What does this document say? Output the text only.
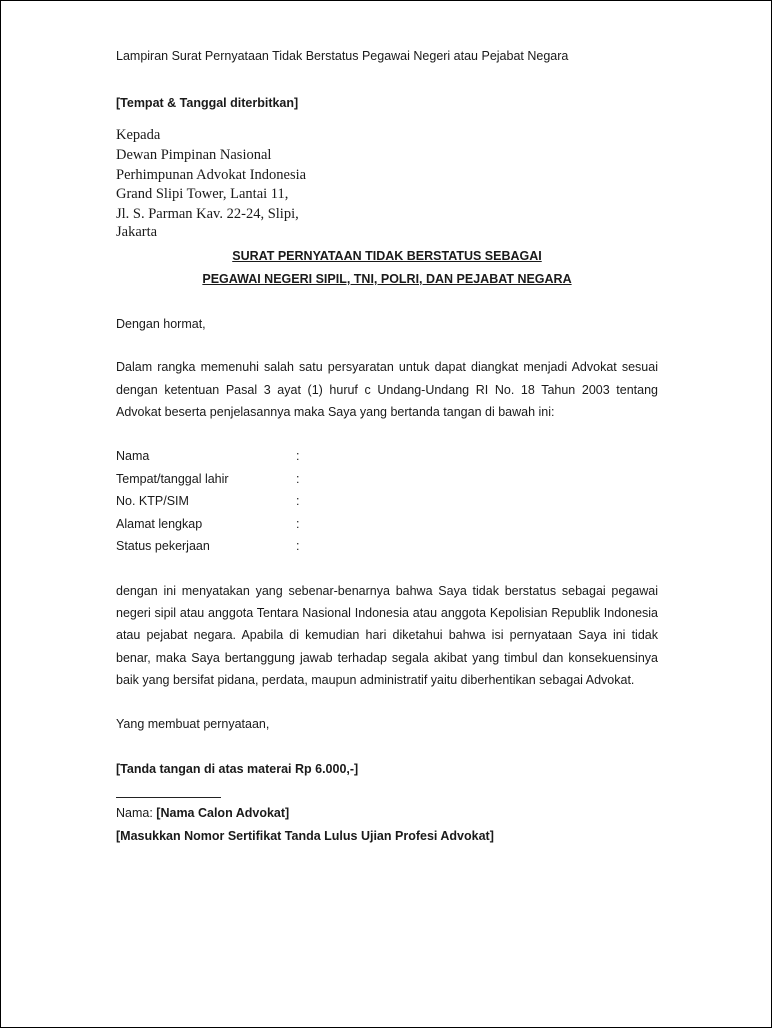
Lampiran Surat Pernyataan Tidak Berstatus Pegawai Negeri atau Pejabat Negara
[Tempat & Tanggal diterbitkan]
Kepada
Dewan Pimpinan Nasional
Perhimpunan Advokat Indonesia
Grand Slipi Tower, Lantai 11,
Jl. S. Parman Kav. 22-24, Slipi,
Jakarta
SURAT PERNYATAAN TIDAK BERSTATUS SEBAGAI
PEGAWAI NEGERI SIPIL, TNI, POLRI, DAN PEJABAT NEGARA
Dengan hormat,
Dalam rangka memenuhi salah satu persyaratan untuk dapat diangkat menjadi Advokat sesuai
dengan ketentuan Pasal 3 ayat (1) huruf c Undang-Undang RI No. 18 Tahun 2003 tentang
Advokat beserta penjelasannya maka Saya yang bertanda tangan di bawah ini:
Nama	:
Tempat/tanggal lahir	:
No. KTP/SIM	:
Alamat lengkap	:
Status pekerjaan	:
dengan ini menyatakan yang sebenar-benarnya bahwa Saya tidak berstatus sebagai pegawai
negeri sipil atau anggota Tentara Nasional Indonesia atau anggota Kepolisian Republik Indonesia
atau pejabat negara. Apabila di kemudian hari diketahui bahwa isi pernyataan Saya ini tidak
benar, maka Saya bertanggung jawab terhadap segala akibat yang timbul dan konsekuensinya
baik yang bersifat pidana, perdata, maupun administratif yaitu diberhentikan sebagai Advokat.
Yang membuat pernyataan,
[Tanda tangan di atas materai Rp 6.000,-]
Nama: [Nama Calon Advokat]
[Masukkan Nomor Sertifikat Tanda Lulus Ujian Profesi Advokat]
